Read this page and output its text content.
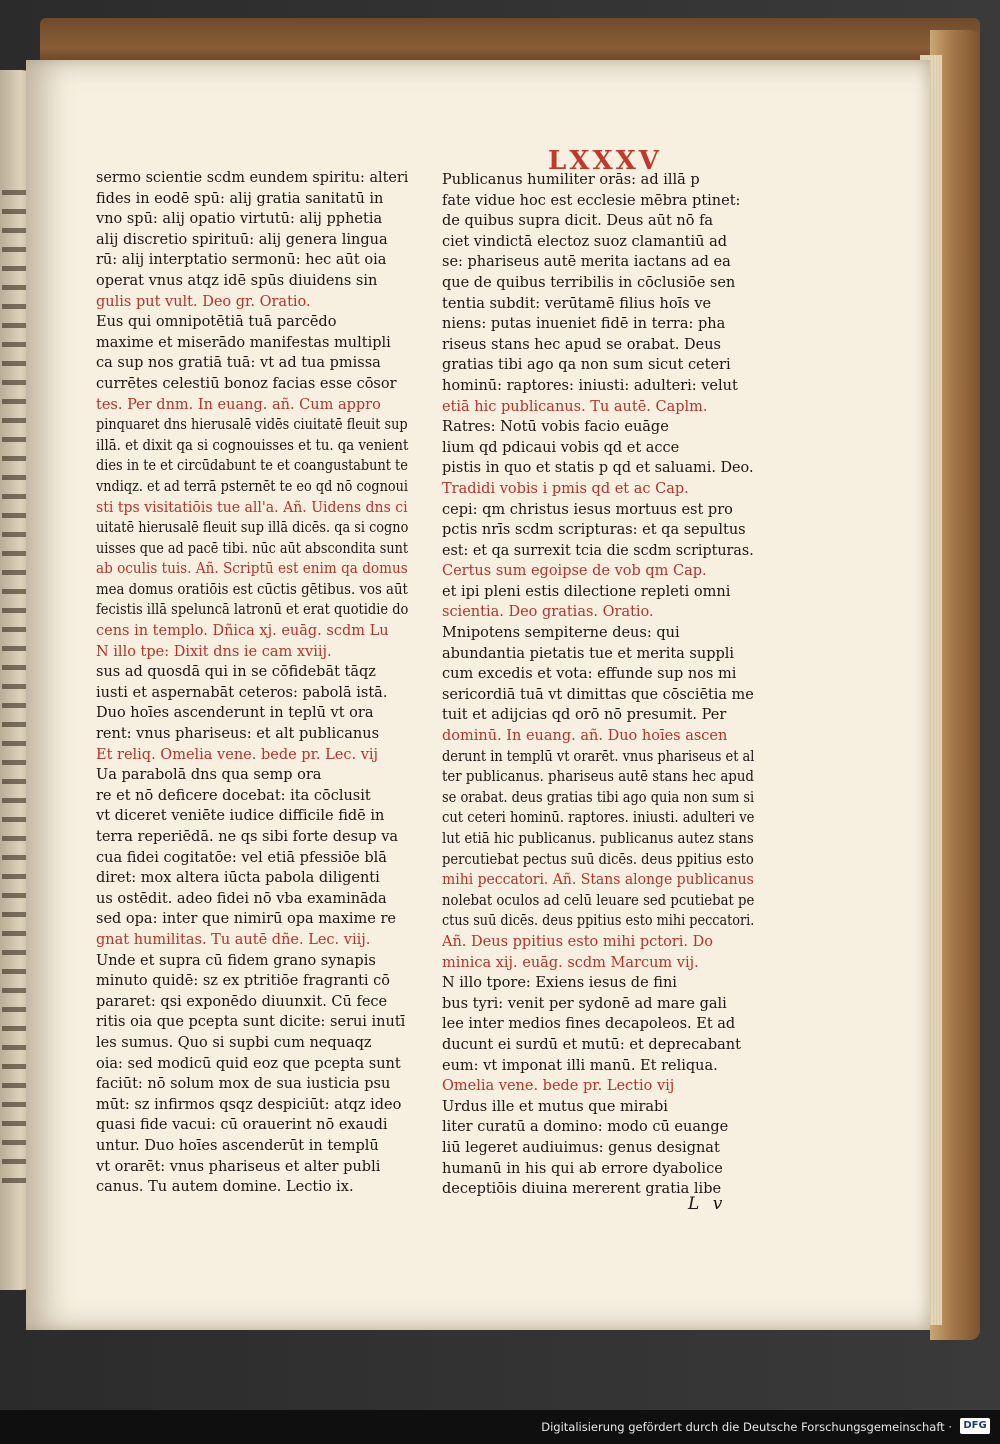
LXXXV
sermo scientie scdm eundem spiritu: alteri
fides in eodē spū: alij gratia sanitatū in
vno spū: alij opatio virtutū: alij pphetia
alij discretio spirituū: alij genera lingua
rū: alij interptatio sermonū: hec aūt oia
operat vnus atqz idē spūs diuidens sin
gulis put vult. Deo gr. Oratio.
Eus qui omnipotētiā tuā parcēdo
maxime et miserādo manifestas multipli
ca sup nos gratiā tuā: vt ad tua pmissa
currētes celestiū bonoz facias esse cōsor
tes. Per dnm. In euang. añ. Cum appro
pinquaret dns hierusalē vidēs ciuitatē fleuit sup
illā. et dixit qa si cognouisses et tu. qa venient
dies in te et circūdabunt te et coangustabunt te
vndiqz. et ad terrā psternēt te eo qd nō cognoui
sti tps visitatiōis tue all'a. Añ. Uidens dns ci
uitatē hierusalē fleuit sup illā dicēs. qa si cogno
uisses que ad pacē tibi. nūc aūt abscondita sunt
ab oculis tuis. Añ. Scriptū est enim qa domus
mea domus oratiōis est cūctis gētibus. vos aūt
fecistis illā speluncā latronū et erat quotidie do
cens in templo. Dñica xj. euāg. scdm Lu
N illo tpe: Dixit dns ie cam xviij.
sus ad quosdā qui in se cōfidebāt tāqz
iusti et aspernabāt ceteros: pabolā istā.
Duo hoīes ascenderunt in teplū vt ora
rent: vnus phariseus: et alt publicanus
Et reliq. Omelia vene. bede pr. Lec. vij
Ua parabolā dns qua semp ora
re et nō deficere docebat: ita cōclusit
vt diceret veniēte iudice difficile fidē in
terra reperiēdā. ne qs sibi forte desup va
cua fidei cogitatōe: vel etiā pfessiōe blā
diret: mox altera iūcta pabola diligenti
us ostēdit. adeo fidei nō vba examināda
sed opa: inter que nimirū opa maxime re
gnat humilitas. Tu autē dñe. Lec. viij.
Unde et supra cū fidem grano synapis
minuto quidē: sz ex ptritiōe fragranti cō
pararet: qsi exponēdo diuunxit. Cū fece
ritis oia que pcepta sunt dicite: serui inutī
les sumus. Quo si supbi cum nequaqz
oia: sed modicū quid eoz que pcepta sunt
faciūt: nō solum mox de sua iusticia psu
mūt: sz infirmos qsqz despiciūt: atqz ideo
quasi fide vacui: cū orauerint nō exaudi
untur. Duo hoīes ascenderūt in templū
vt orarēt: vnus phariseus et alter publi
canus. Tu autem domine. Lectio ix.
Publicanus humiliter orās: ad illā p
fate vidue hoc est ecclesie mēbra ptinet:
de quibus supra dicit. Deus aūt nō fa
ciet vindictā electoz suoz clamantiū ad
se: phariseus autē merita iactans ad ea
que de quibus terribilis in cōclusiōe sen
tentia subdit: verūtamē filius hoīs ve
niens: putas inueniet fidē in terra: pha
riseus stans hec apud se orabat. Deus
gratias tibi ago qa non sum sicut ceteri
hominū: raptores: iniusti: adulteri: velut
etiā hic publicanus. Tu autē. Caplm.
Ratres: Notū vobis facio euāge
lium qd pdicaui vobis qd et acce
pistis in quo et statis p qd et saluami. Deo.
Tradidi vobis i pmis qd et ac Cap.
cepi: qm christus iesus mortuus est pro
pctis nrīs scdm scripturas: et qa sepultus
est: et qa surrexit tcia die scdm scripturas.
Certus sum egoipse de vob qm Cap.
et ipi pleni estis dilectione repleti omni
scientia. Deo gratias. Oratio.
Mnipotens sempiterne deus: qui
abundantia pietatis tue et merita suppli
cum excedis et vota: effunde sup nos mi
sericordiā tuā vt dimittas que cōsciētia me
tuit et adijcias qd orō nō presumit. Per
dominū. In euang. añ. Duo hoīes ascen
derunt in templū vt orarēt. vnus phariseus et al
ter publicanus. phariseus autē stans hec apud
se orabat. deus gratias tibi ago quia non sum si
cut ceteri hominū. raptores. iniusti. adulteri ve
lut etiā hic publicanus. publicanus autez stans
percutiebat pectus suū dicēs. deus ppitius esto
mihi peccatori. Añ. Stans alonge publicanus
nolebat oculos ad celū leuare sed pcutiebat pe
ctus suū dicēs. deus ppitius esto mihi peccatori.
Añ. Deus ppitius esto mihi pctori. Do
minica xij. euāg. scdm Marcum vij.
N illo tpore: Exiens iesus de fini
bus tyri: venit per sydonē ad mare gali
lee inter medios fines decapoleos. Et ad
ducunt ei surdū et mutū: et deprecabant
eum: vt imponat illi manū. Et reliqua.
Omelia vene. bede pr. Lectio vij
Urdus ille et mutus que mirabi
liter curatū a domino: modo cū euange
liū legeret audiuimus: genus designat
humanū in his qui ab errore dyabolice
deceptiōis diuina mererent gratia libe
L v
Digitalisierung gefördert durch die Deutsche Forschungsgemeinschaft ·	DFG
